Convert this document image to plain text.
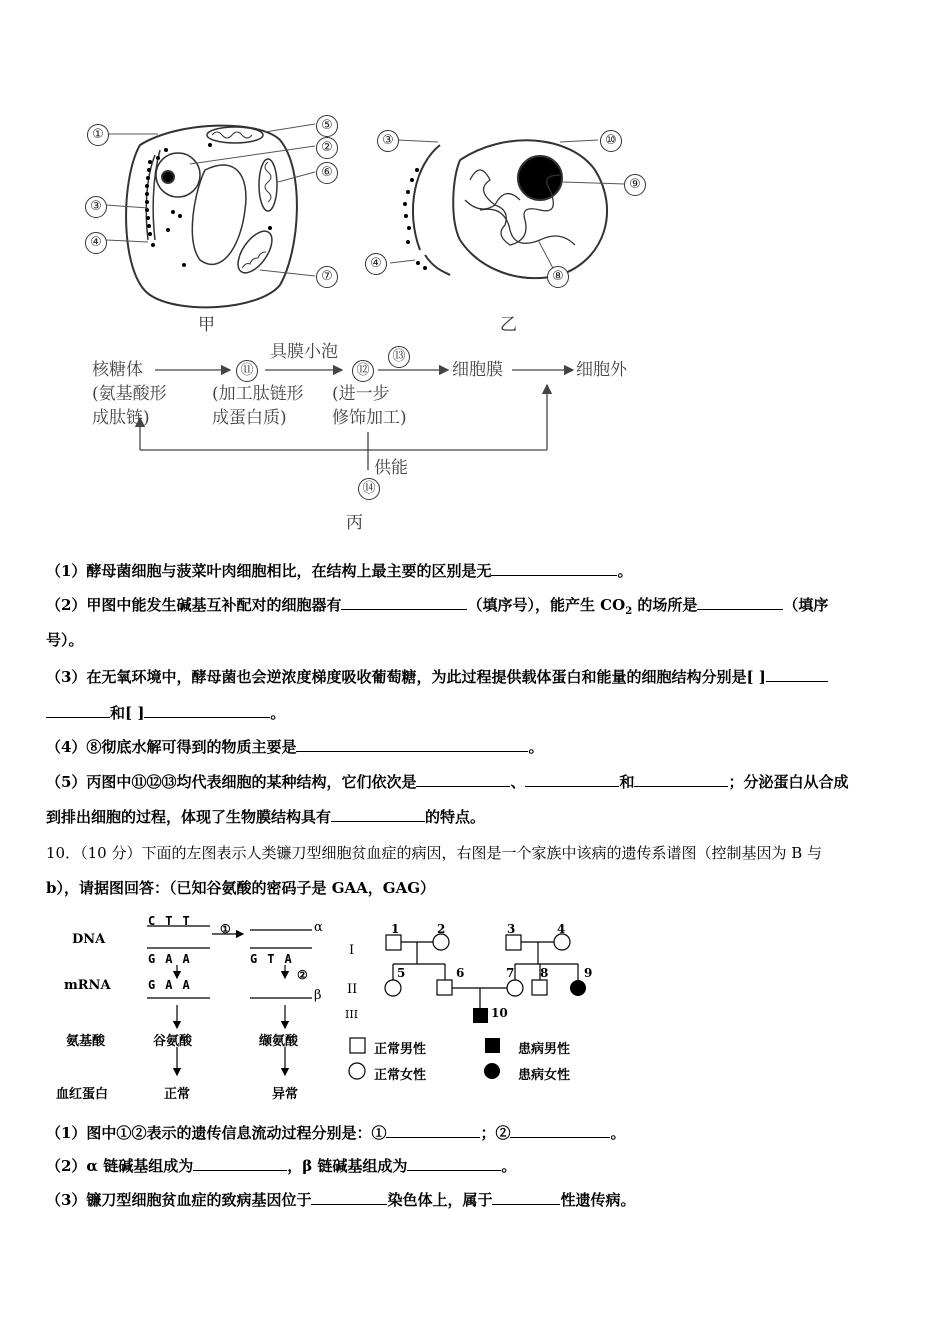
①
⑤
②
⑥
③
④
⑦
③	⑩
⑨
④
⑧
甲	乙
核糖体
(氨基酸形
成肽链)
⑪
(加工肽链形
成蛋白质)
具膜小泡
⑫
⑬
(进一步
修饰加工)
细胞膜	细胞外
供能
⑭
丙
（1）酵母菌细胞与菠菜叶肉细胞相比，在结构上最主要的区别是无	。
（2）甲图中能发生碱基互补配对的细胞器有	（填序号），能产生 $CO_2$ 的场所是	（填序
号）。
（3）在无氧环境中，酵母菌也会逆浓度梯度吸收葡萄糖，为此过程提供载体蛋白和能量的细胞结构分别是[ ]
和[ ]	。
（4）⑧彻底水解可得到的物质主要是	。
（5）丙图中⑪⑫⑬均代表细胞的某种结构，它们依次是	、	和	；分泌蛋白从合成
到排出细胞的过程，体现了生物膜结构具有	的特点。
10．（10 分）下面的左图表示人类镰刀型细胞贫血症的病因，右图是一个家族中该病的遗传系谱图（控制基因为 B 与
b），请据图回答：（已知谷氨酸的密码子是 GAA，GAG）
CTT
GAA	GTA
GAA
①
②
α
β
DNA
mRNA
氨基酸
血红蛋白
谷氨酸	缬氨酸
正常	异常
1	2	3	4
5	6	7 8	9
10
I
II
III
正常男性	患病男性
正常女性	患病女性
（1）图中①②表示的遗传信息流动过程分别是：①	；②	。
（2）α 链碱基组成为	，β 链碱基组成为	。
（3）镰刀型细胞贫血症的致病基因位于	染色体上，属于	性遗传病。
